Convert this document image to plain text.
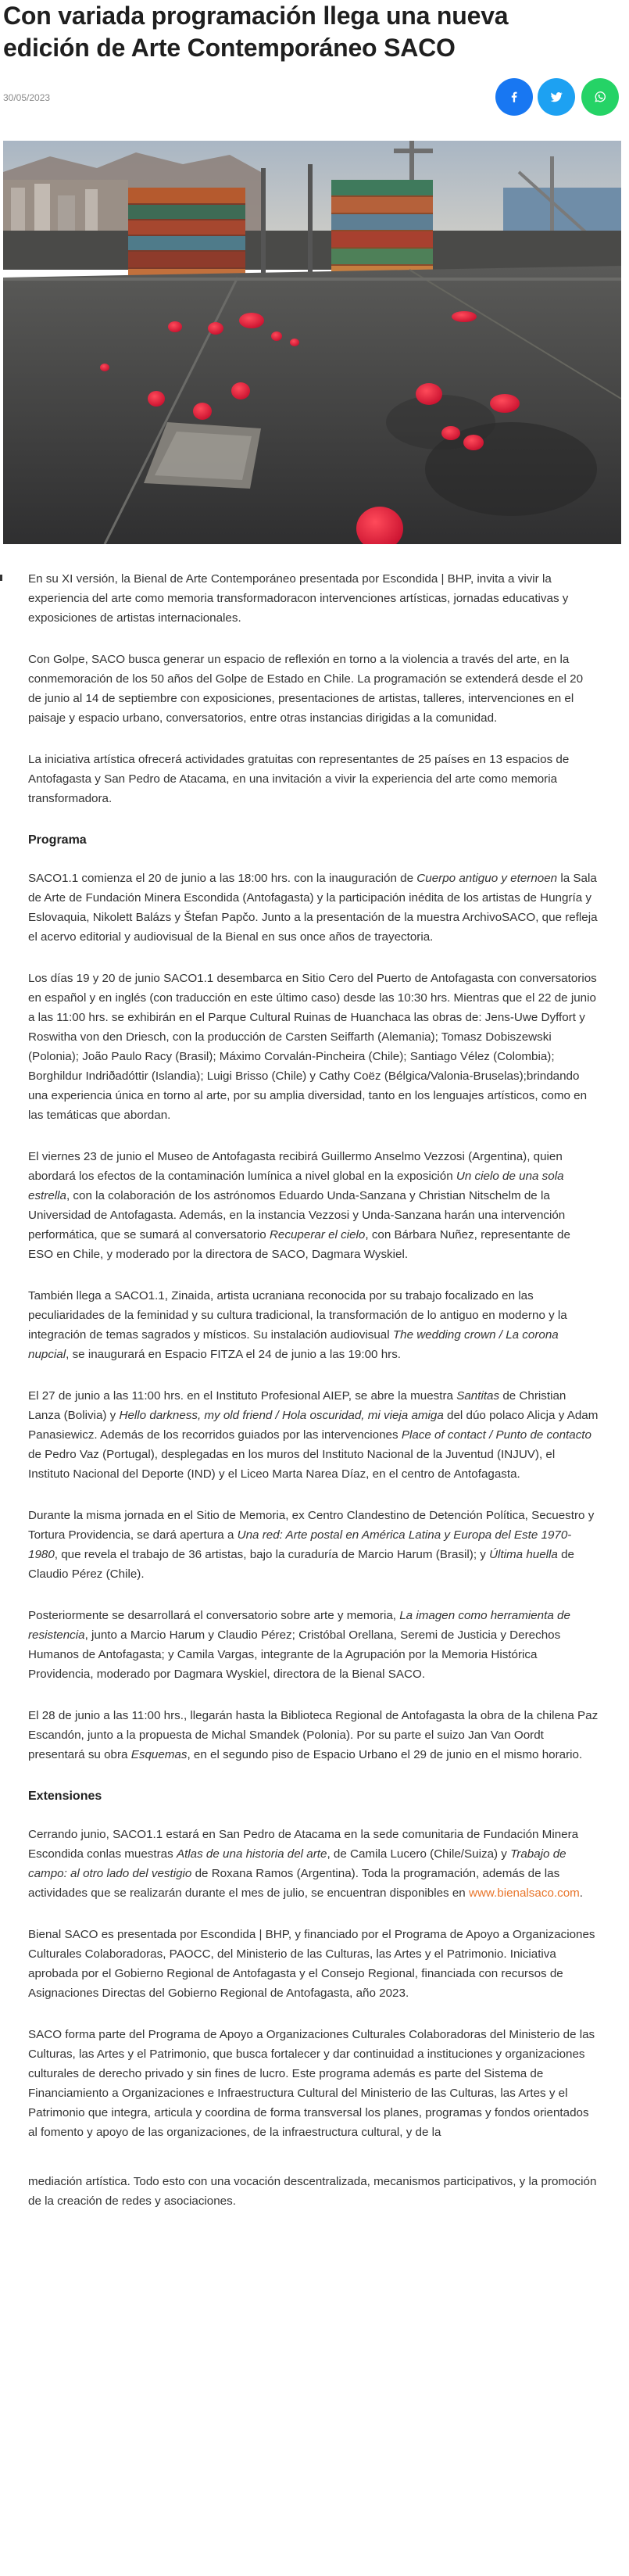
Con variada programación llega una nueva edición de Arte Contemporáneo SACO
30/05/2023

En su XI versión, la Bienal de Arte Contemporáneo presentada por Escondida | BHP, invita a vivir la experiencia del arte como memoria transformadoracon intervenciones artísticas, jornadas educativas y exposiciones de artistas internacionales.

Con Golpe, SACO busca generar un espacio de reflexión en torno a la violencia a través del arte, en la conmemoración de los 50 años del Golpe de Estado en Chile. La programación se extenderá desde el 20 de junio al 14 de septiembre con exposiciones, presentaciones de artistas, talleres, intervenciones en el paisaje y espacio urbano, conversatorios, entre otras instancias dirigidas a la comunidad.

La iniciativa artística ofrecerá actividades gratuitas con representantes de 25 países en 13 espacios de Antofagasta y San Pedro de Atacama, en una invitación a vivir la experiencia del arte como memoria transformadora.

Programa

SACO1.1 comienza el 20 de junio a las 18:00 hrs. con la inauguración de Cuerpo antiguo y eternoen la Sala de Arte de Fundación Minera Escondida (Antofagasta) y la participación inédita de los artistas de Hungría y Eslovaquia, Nikolett Balázs y Štefan Papčo. Junto a la presentación de la muestra ArchivoSACO, que refleja el acervo editorial y audiovisual de la Bienal en sus once años de trayectoria.

Los días 19 y 20 de junio SACO1.1 desembarca en Sitio Cero del Puerto de Antofagasta con conversatorios en español y en inglés (con traducción en este último caso) desde las 10:30 hrs. Mientras que el 22 de junio a las 11:00 hrs. se exhibirán en el Parque Cultural Ruinas de Huanchaca las obras de: Jens-Uwe Dyffort y Roswitha von den Driesch, con la producción de Carsten Seiffarth (Alemania); Tomasz Dobiszewski (Polonia); João Paulo Racy (Brasil); Máximo Corvalán-Pincheira (Chile); Santiago Vélez (Colombia); Borghildur Indriðadóttir (Islandia); Luigi Brisso (Chile) y Cathy Coëz (Bélgica/Valonia-Bruselas);brindando una experiencia única en torno al arte, por su amplia diversidad, tanto en los lenguajes artísticos, como en las temáticas que abordan.

El viernes 23 de junio el Museo de Antofagasta recibirá Guillermo Anselmo Vezzosi (Argentina), quien abordará los efectos de la contaminación lumínica a nivel global en la exposición Un cielo de una sola estrella, con la colaboración de los astrónomos Eduardo Unda-Sanzana y Christian Nitschelm de la Universidad de Antofagasta. Además, en la instancia Vezzosi y Unda-Sanzana harán una intervención performática, que se sumará al conversatorio Recuperar el cielo, con Bárbara Nuñez, representante de ESO en Chile, y moderado por la directora de SACO, Dagmara Wyskiel.

También llega a SACO1.1, Zinaida, artista ucraniana reconocida por su trabajo focalizado en las peculiaridades de la feminidad y su cultura tradicional, la transformación de lo antiguo en moderno y la integración de temas sagrados y místicos. Su instalación audiovisual The wedding crown / La corona nupcial, se inaugurará en Espacio FITZA el 24 de junio a las 19:00 hrs.

El 27 de junio a las 11:00 hrs. en el Instituto Profesional AIEP, se abre la muestra Santitas de Christian Lanza (Bolivia) y Hello darkness, my old friend / Hola oscuridad, mi vieja amiga del dúo polaco Alicja y Adam Panasiewicz. Además de los recorridos guiados por las intervenciones Place of contact / Punto de contacto de Pedro Vaz (Portugal), desplegadas en los muros del Instituto Nacional de la Juventud (INJUV), el Instituto Nacional del Deporte (IND) y el Liceo Marta Narea Díaz, en el centro de Antofagasta.

Durante la misma jornada en el Sitio de Memoria, ex Centro Clandestino de Detención Política, Secuestro y Tortura Providencia, se dará apertura a Una red: Arte postal en América Latina y Europa del Este 1970-1980, que revela el trabajo de 36 artistas, bajo la curaduría de Marcio Harum (Brasil); y Última huella de Claudio Pérez (Chile).

Posteriormente se desarrollará el conversatorio sobre arte y memoria, La imagen como herramienta de resistencia, junto a Marcio Harum y Claudio Pérez; Cristóbal Orellana, Seremi de Justicia y Derechos Humanos de Antofagasta; y Camila Vargas, integrante de la Agrupación por la Memoria Histórica Providencia, moderado por Dagmara Wyskiel, directora de la Bienal SACO.

El 28 de junio a las 11:00 hrs., llegarán hasta la Biblioteca Regional de Antofagasta la obra de la chilena Paz Escandón, junto a la propuesta de Michal Smandek (Polonia). Por su parte el suizo Jan Van Oordt presentará su obra Esquemas, en el segundo piso de Espacio Urbano el 29 de junio en el mismo horario.

Extensiones

Cerrando junio, SACO1.1 estará en San Pedro de Atacama en la sede comunitaria de Fundación Minera Escondida conlas muestras Atlas de una historia del arte, de Camila Lucero (Chile/Suiza) y Trabajo de campo: al otro lado del vestigio de Roxana Ramos (Argentina). Toda la programación, además de las actividades que se realizarán durante el mes de julio, se encuentran disponibles en www.bienalsaco.com.

Bienal SACO es presentada por Escondida | BHP, y financiado por el Programa de Apoyo a Organizaciones Culturales Colaboradoras, PAOCC, del Ministerio de las Culturas, las Artes y el Patrimonio. Iniciativa aprobada por el Gobierno Regional de Antofagasta y el Consejo Regional, financiada con recursos de Asignaciones Directas del Gobierno Regional de Antofagasta, año 2023.

SACO forma parte del Programa de Apoyo a Organizaciones Culturales Colaboradoras del Ministerio de las Culturas, las Artes y el Patrimonio, que busca fortalecer y dar continuidad a instituciones y organizaciones culturales de derecho privado y sin fines de lucro. Este programa además es parte del Sistema de Financiamiento a Organizaciones e Infraestructura Cultural del Ministerio de las Culturas, las Artes y el Patrimonio que integra, articula y coordina de forma transversal los planes, programas y fondos orientados al fomento y apoyo de las organizaciones, de la infraestructura cultural, y de la

mediación artística. Todo esto con una vocación descentralizada, mecanismos participativos, y la promoción de la creación de redes y asociaciones.
